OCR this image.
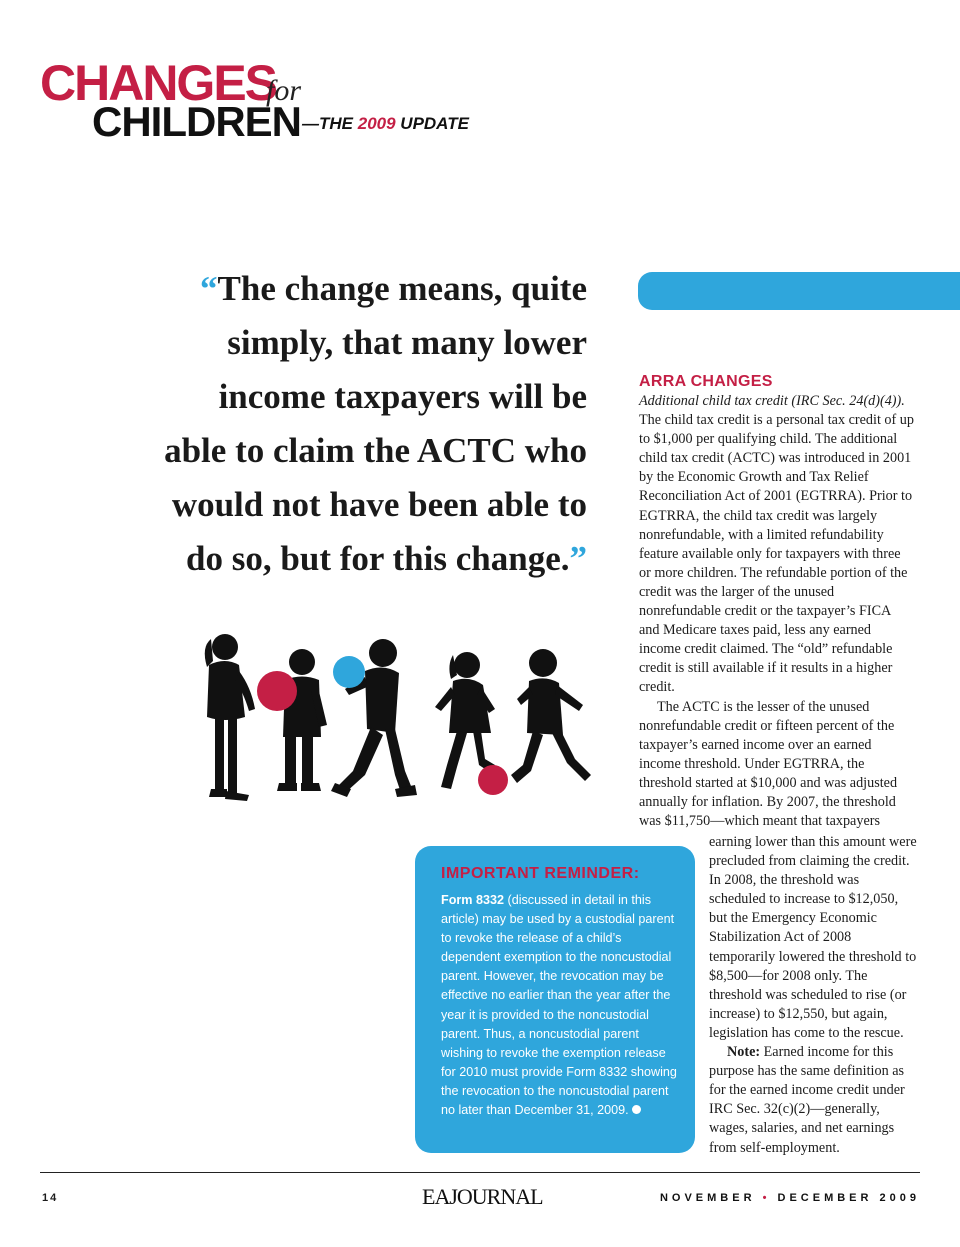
CHANGES
for
CHILDREN —THE 2009 UPDATE
“The change means, quite simply, that many lower income taxpayers will be able to claim the ACTC who would not have been able to do so, but for this change.”
ARRA CHANGES

Additional child tax credit (IRC Sec. 24(d)(4)). The child tax credit is a personal tax credit of up to $1,000 per qualifying child. The additional child tax credit (ACTC) was introduced in 2001 by the Economic Growth and Tax Relief Reconciliation Act of 2001 (EGTRRA). Prior to EGTRRA, the child tax credit was largely nonrefundable, with a limited refundability feature available only for taxpayers with three or more children. The refundable portion of the credit was the larger of the unused nonrefundable credit or the taxpayer’s FICA and Medicare taxes paid, less any earned income credit claimed. The “old” refundable credit is still available if it results in a higher credit.

The ACTC is the lesser of the unused nonrefundable credit or fifteen percent of the taxpayer’s earned income over an earned income threshold. Under EGTRRA, the threshold started at $10,000 and was adjusted annually for inflation. By 2007, the threshold was $11,750—which meant that taxpayers

earning lower than this amount were precluded from claiming the credit. In 2008, the threshold was scheduled to increase to $12,050, but the Emergency Economic Stabilization Act of 2008 temporarily lowered the threshold to $8,500—for 2008 only. The threshold was scheduled to rise (or increase) to $12,550, but again, legislation has come to the rescue.

Note: Earned income for this purpose has the same definition as for the earned income credit under IRC Sec. 32(c)(2)—generally, wages, salaries, and net earnings from self-employment.

IMPORTANT REMINDER:
Form 8332 (discussed in detail in this article) may be used by a custodial parent to revoke the release of a child’s dependent exemption to the noncustodial parent. However, the revocation may be effective no earlier than the year after the year it is provided to the noncustodial parent. Thus, a noncustodial parent wishing to revoke the exemption release for 2010 must provide Form 8332 showing the revocation to the noncustodial parent no later than December 31, 2009.
14	EAJOURNAL	NOVEMBER • DECEMBER 2009
